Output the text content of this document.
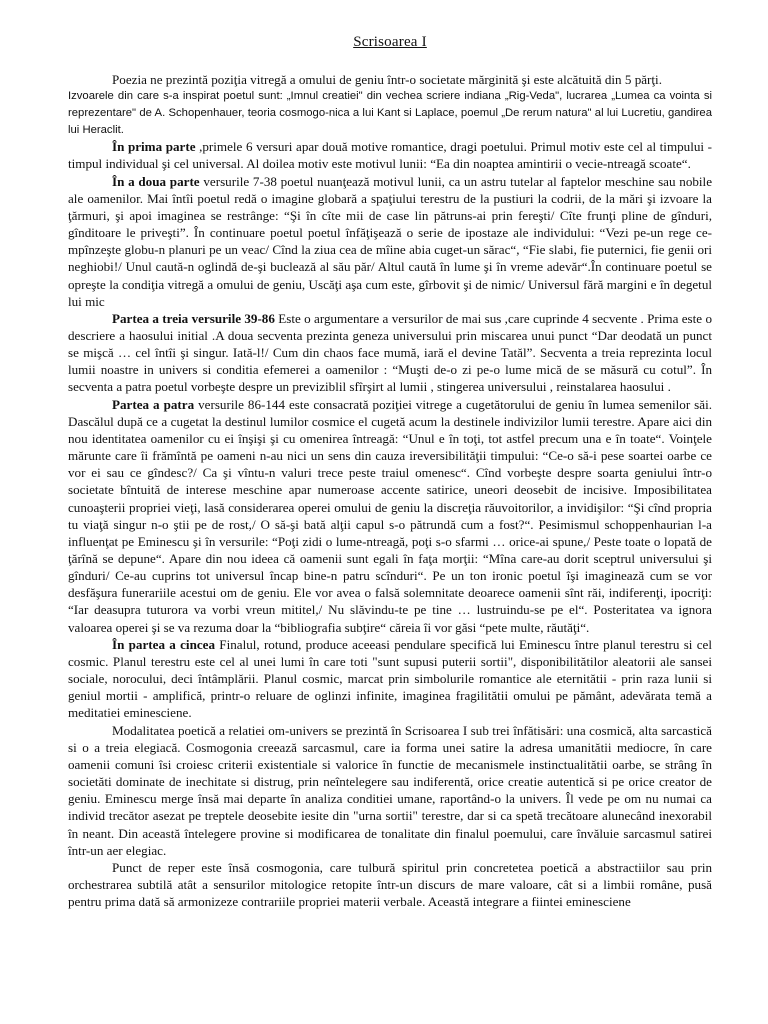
Scrisoarea I

Poezia ne prezintă poziţia vitregă a omului de geniu într-o societate mărginită şi este alcătuită din 5 părţi.

Izvoarele din care s-a inspirat poetul sunt: „Imnul creatiei" din vechea scriere indiana „Rig-Veda", lucrarea „Lumea ca vointa si reprezentare" de A. Schopenhauer, teoria cosmogo-nica a lui Kant si Laplace, poemul „De rerum natura" al lui Lucretiu, gandirea lui Heraclit.

În prima parte ,primele 6 versuri apar două motive romantice, dragi poetului. Primul motiv este cel al timpului - timpul individual şi cel universal. Al doilea motiv este motivul lunii: “Ea din noaptea amintirii o vecie-ntreagă scoate“.

În a doua parte versurile 7-38 poetul nuanţează motivul lunii, ca un astru tutelar al faptelor meschine sau nobile ale oamenilor. Mai întîi poetul redă o imagine globară a spaţiului terestru de la pustiuri la codrii, de la mări şi izvoare la ţărmuri, şi apoi imaginea se restrânge: “Şi în cîte mii de case lin pătruns-ai prin fereşti/ Cîte frunţi pline de gînduri, gînditoare le priveşti”. În continuare poetul poetul înfăţişează o serie de ipostaze ale individului: “Vezi pe-un rege ce-mpînzeşte globu-n planuri pe un veac/ Cînd la ziua cea de mîine abia cuget-un sărac“, “Fie slabi, fie puternici, fie genii ori neghiobi!/ Unul caută-n oglindă de-şi buclează al său păr/ Altul caută în lume şi în vreme adevăr“.În continuare poetul se opreşte la condiţia vitregă a omului de geniu, Uscăţi aşa cum este, gîrbovit şi de nimic/ Universul fără margini e în degetul lui mic

Partea a treia versurile 39-86 Este o argumentare a versurilor de mai sus ,care cuprinde 4 secvente . Prima este o descriere a haosului initial .A doua secventa prezinta geneza universului prin miscarea unui punct “Dar deodată un punct se mişcă … cel întîi şi singur. Iată-l!/ Cum din chaos face mumă, iară el devine Tatăl”. Secventa a treia reprezinta locul lumii noastre in univers si conditia efemerei a oamenilor : “Muşti de-o zi pe-o lume mică de se măsură cu cotul”. În secventa a patra poetul vorbeşte despre un previziblil sfîrşirt al lumii , stingerea universului , reinstalarea haosului .

Partea a patra versurile 86-144 este consacrată poziţiei vitrege a cugetătorului de geniu în lumea semenilor săi. Dascălul după ce a cugetat la destinul lumilor cosmice el cugetă acum la destinele indivizilor lumii terestre. Apare aici din nou identitatea oamenilor cu ei înşişi şi cu omenirea întreagă: “Unul e în toţi, tot astfel precum una e în toate“. Voinţele mărunte care îi frămîntă pe oameni n-au nici un sens din cauza ireversibilităţii timpului: “Ce-o să-i pese soartei oarbe ce vor ei sau ce gîndesc?/ Ca şi vîntu-n valuri trece peste traiul omenesc“. Cînd vorbeşte despre soarta geniului într-o societate bîntuită de interese meschine apar numeroase accente satirice, uneori deosebit de incisive. Imposibilitatea cunoaşterii propriei vieţi, lasă considerarea operei omului de geniu la discreţia răuvoitorilor, a invidişilor: “Şi cînd propria tu viaţă singur n-o ştii pe de rost,/ O să-şi bată alţii capul s-o pătrundă cum a fost?“. Pesimismul schoppenhaurian l-a influenţat pe Eminescu şi în versurile: “Poţi zidi o lume-ntreagă, poţi s-o sfarmi … orice-ai spune,/ Peste toate o lopată de ţărînă se depune“. Apare din nou ideea că oamenii sunt egali în faţa morţii: “Mîna care-au dorit sceptrul universului şi gînduri/ Ce-au cuprins tot universul încap bine-n patru scînduri“. Pe un ton ironic poetul îşi imaginează cum se vor desfăşura funerariile acestui om de geniu. Ele vor avea o falsă solemnitate deoarece oamenii sînt răi, indiferenţi, ipocriţi: “Iar deasupra tuturora va vorbi vreun mititel,/ Nu slăvindu-te pe tine … lustruindu-se pe el“. Posteritatea va ignora valoarea operei şi se va rezuma doar la “bibliografia subţire“ căreia îi vor găsi “pete multe, răutăţi“.

În partea a cincea Finalul, rotund, produce aceeasi pendulare specifică lui Eminescu între planul terestru si cel cosmic. Planul terestru este cel al unei lumi în care toti "sunt supusi puterii sortii", disponibilitătilor aleatorii ale sansei sociale, norocului, deci întâmplării. Planul cosmic, marcat prin simbolurile romantice ale eternitătii - prin raza lunii si geniul mortii - amplifică, printr-o reluare de oglinzi infinite, imaginea fragilitătii omului pe pământ, adevărata temă a meditatiei eminesciene.

Modalitatea poetică a relatiei om-univers se prezintă în Scrisoarea I sub trei înfătisări: una cosmică, alta sarcastică si o a treia elegiacă. Cosmogonia creează sarcasmul, care ia forma unei satire la adresa umanitătii mediocre, în care oamenii comuni îsi croiesc criterii existentiale si valorice în functie de mecanismele instinctualitătii oarbe, se strâng în societăti dominate de inechitate si distrug, prin neîntelegere sau indiferentă, orice creatie autentică si pe orice creator de geniu. Eminescu merge însă mai departe în analiza conditiei umane, raportând-o la univers. Îl vede pe om nu numai ca individ trecător asezat pe treptele deosebite iesite din "urna sortii" terestre, dar si ca spetă trecătoare alunecând inexorabil în neant. Din această întelegere provine si modificarea de tonalitate din finalul poemului, care învăluie sarcasmul satirei într-un aer elegiac.

Punct de reper este însă cosmogonia, care tulbură spiritul prin concretetea poetică a abstractiilor sau prin orchestrarea subtilă atât a sensurilor mitologice retopite într-un discurs de mare valoare, cât si a limbii române, pusă pentru prima dată să armonizeze contrariile propriei materii verbale. Această integrare a fiintei eminesciene
